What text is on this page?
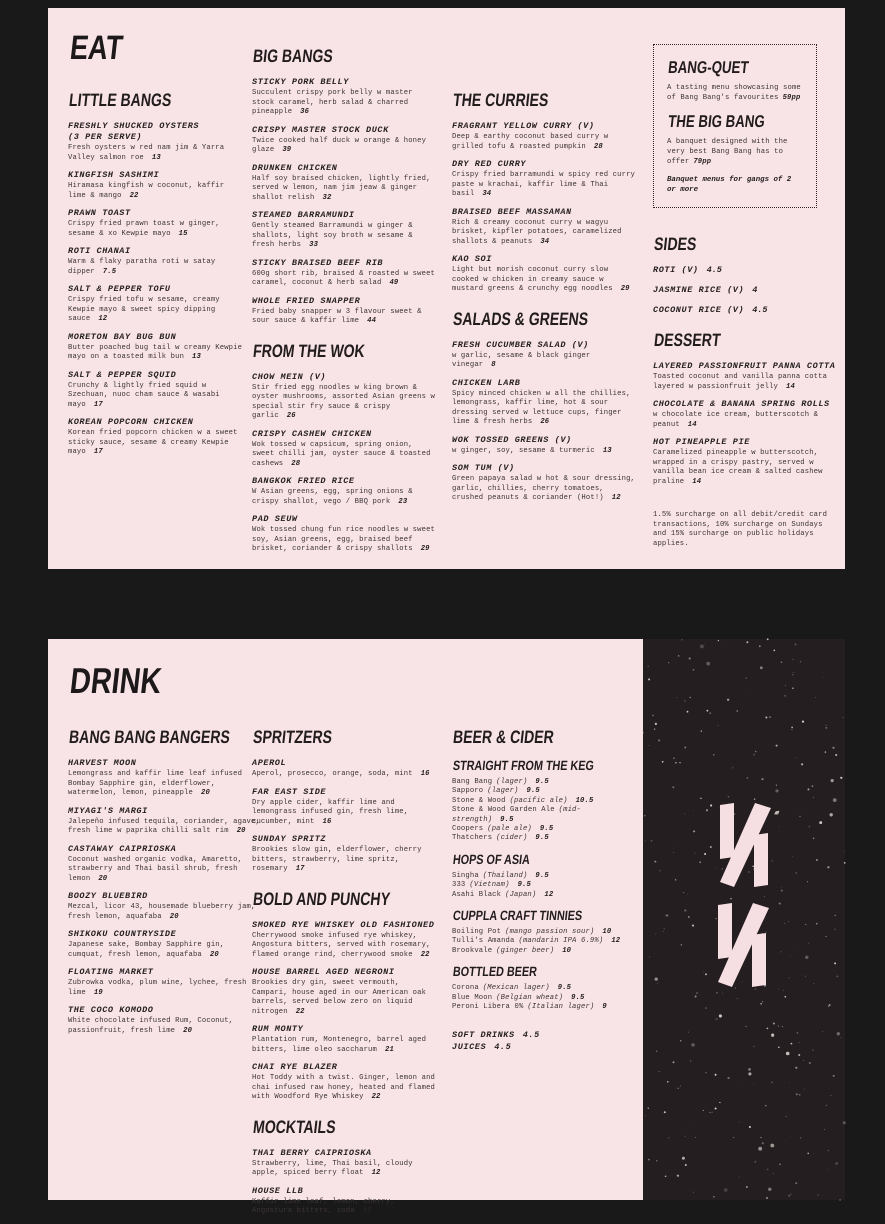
EAT
LITTLE BANGS

FRESHLY SHUCKED OYSTERS

(3 PER SERVE)

Fresh oysters w red nam jim & Yarra Valley salmon roe 13

KINGFISH SASHIMI

Hiramasa kingfish w coconut, kaffir lime & mango 22

PRAWN TOAST

Crispy fried prawn toast w ginger, sesame & xo Kewpie mayo 15

ROTI CHANAI

Warm & flaky paratha roti w satay dipper 7.5

SALT & PEPPER TOFU

Crispy fried tofu w sesame, creamy Kewpie mayo & sweet spicy dipping sauce 12

MORETON BAY BUG BUN

Butter poached bug tail w creamy Kewpie mayo on a toasted milk bun 13

SALT & PEPPER SQUID

Crunchy & lightly fried squid w Szechuan, nuoc cham sauce & wasabi mayo 17

KOREAN POPCORN CHICKEN

Korean fried popcorn chicken w a sweet sticky sauce, sesame & creamy Kewpie mayo 17

BIG BANGS

STICKY PORK BELLY

Succulent crispy pork belly w master stock caramel, herb salad & charred pineapple 36

CRISPY MASTER STOCK DUCK

Twice cooked half duck w orange & honey glaze 39

DRUNKEN CHICKEN

Half soy braised chicken, lightly fried, served w lemon, nam jim jeaw & ginger shallot relish 32

STEAMED BARRAMUNDI

Gently steamed Barramundi w ginger & shallots, light soy broth w sesame & fresh herbs 33

STICKY BRAISED BEEF RIB

600g short rib, braised & roasted w sweet caramel, coconut & herb salad 49

WHOLE FRIED SNAPPER

Fried baby snapper w 3 flavour sweet & sour sauce & kaffir lime 44

FROM THE WOK

CHOW MEIN (V)

Stir fried egg noodles w king brown & oyster mushrooms, assorted Asian greens w special stir fry sauce & crispy garlic 26

CRISPY CASHEW CHICKEN

Wok tossed w capsicum, spring onion, sweet chilli jam, oyster sauce & toasted cashews 28

BANGKOK FRIED RICE

W Asian greens, egg, spring onions & crispy shallot, vego / BBQ pork 23

PAD SEUW

Wok tossed chung fun rice noodles w sweet soy, Asian greens, egg, braised beef brisket, coriander & crispy shallots 29

THE CURRIES

FRAGRANT YELLOW CURRY (V)

Deep & earthy coconut based curry w grilled tofu & roasted pumpkin 28

DRY RED CURRY

Crispy fried barramundi w spicy red curry paste w krachai, kaffir lime & Thai basil 34

BRAISED BEEF MASSAMAN

Rich & creamy coconut curry w wagyu brisket, kipfler potatoes, caramelized shallots & peanuts 34

KAO SOI

Light but morish coconut curry slow cooked w chicken in creamy sauce w mustard greens & crunchy egg noodles 29

SALADS & GREENS

FRESH CUCUMBER SALAD (V)

w garlic, sesame & black ginger vinegar 8

CHICKEN LARB

Spicy minced chicken w all the chillies, lemongrass, kaffir lime, hot & sour dressing served w lettuce cups, finger lime & fresh herbs 26

WOK TOSSED GREENS (V)

w ginger, soy, sesame & turmeric 13

SOM TUM (V)

Green papaya salad w hot & sour dressing, garlic, chillies, cherry tomatoes, crushed peanuts & coriander (Hot!) 12

BANG-QUET

A tasting menu showcasing some of Bang Bang's favourites 59pp

THE BIG BANG

A banquet designed with the very best Bang Bang has to offer 79pp

Banquet menus for gangs of 2 or more

SIDES

ROTI (V) 4.5

JASMINE RICE (V) 4

COCONUT RICE (V) 4.5

DESSERT

LAYERED PASSIONFRUIT PANNA COTTA

Toasted coconut and vanilla panna cotta layered w passionfruit jelly 14

CHOCOLATE & BANANA SPRING ROLLS

w chocolate ice cream, butterscotch & peanut 14

HOT PINEAPPLE PIE

Caramelized pineapple w butterscotch, wrapped in a crispy pastry, served w vanilla bean ice cream & salted cashew praline 14

1.5% surcharge on all debit/credit card transactions, 10% surcharge on Sundays and 15% surcharge on public holidays applies.

DRINK
BANG BANG BANGERS

HARVEST MOON

Lemongrass and kaffir lime leaf infused Bombay Sapphire gin, elderflower, watermelon, lemon, pineapple 20

MIYAGI'S MARGI

Jalepeño infused tequila, coriander, agave, fresh lime w paprika chilli salt rim 20

CASTAWAY CAIPRIOSKA

Coconut washed organic vodka, Amaretto, strawberry and Thai basil shrub, fresh lemon 20

BOOZY BLUEBIRD

Mezcal, licor 43, housemade blueberry jam, fresh lemon, aquafaba 20

SHIKOKU COUNTRYSIDE

Japanese sake, Bombay Sapphire gin, cumquat, fresh lemon, aquafaba 20

FLOATING MARKET

Zubrowka vodka, plum wine, lychee, fresh lime 19

THE COCO KOMODO

White chocolate infused Rum, Coconut, passionfruit, fresh lime 20

SPRITZERS

APEROL

Aperol, prosecco, orange, soda, mint 16

FAR EAST SIDE

Dry apple cider, kaffir lime and lemongrass infused gin, fresh lime, cucumber, mint 16

SUNDAY SPRITZ

Brookies slow gin, elderflower, cherry bitters, strawberry, lime spritz, rosemary 17

BOLD AND PUNCHY

SMOKED RYE WHISKEY OLD FASHIONED

Cherrywood smoke infused rye whiskey, Angostura bitters, served with rosemary, flamed orange rind, cherrywood smoke 22

HOUSE BARREL AGED NEGRONI

Brookies dry gin, sweet vermouth, Campari, house aged in our American oak barrels, served below zero on liquid nitrogen 22

RUM MONTY

Plantation rum, Montenegro, barrel aged bitters, lime oleo saccharum 21

CHAI RYE BLAZER

Hot Toddy with a twist. Ginger, lemon and chai infused raw honey, heated and flamed with Woodford Rye Whiskey 22

MOCKTAILS

THAI BERRY CAIPRIOSKA

Strawberry, lime, Thai basil, cloudy apple, spiced berry float 12

HOUSE LLB

Kaffir lime leaf, lemon, cherry, Angostura bitters, soda 12

BEER & CIDER
STRAIGHT FROM THE KEG

Bang Bang (lager) 9.5

Sapporo (lager) 9.5

Stone & Wood (pacific ale) 10.5

Stone & Wood Garden Ale (mid-strength) 9.5

Coopers (pale ale) 9.5

Thatchers (cider) 9.5

HOPS OF ASIA

Singha (Thailand) 9.5

333 (Vietnam) 9.5

Asahi Black (Japan) 12

CUPPLA CRAFT TINNIES

Boiling Pot (mango passion sour) 10

Tulli's Amanda (mandarin IPA 6.9%) 12

Brookvale (ginger beer) 10

BOTTLED BEER

Corona (Mexican lager) 9.5

Blue Moon (Belgian wheat) 9.5

Peroni Libera 0% (Italian lager) 9

SOFT DRINKS 4.5

JUICES 4.5
